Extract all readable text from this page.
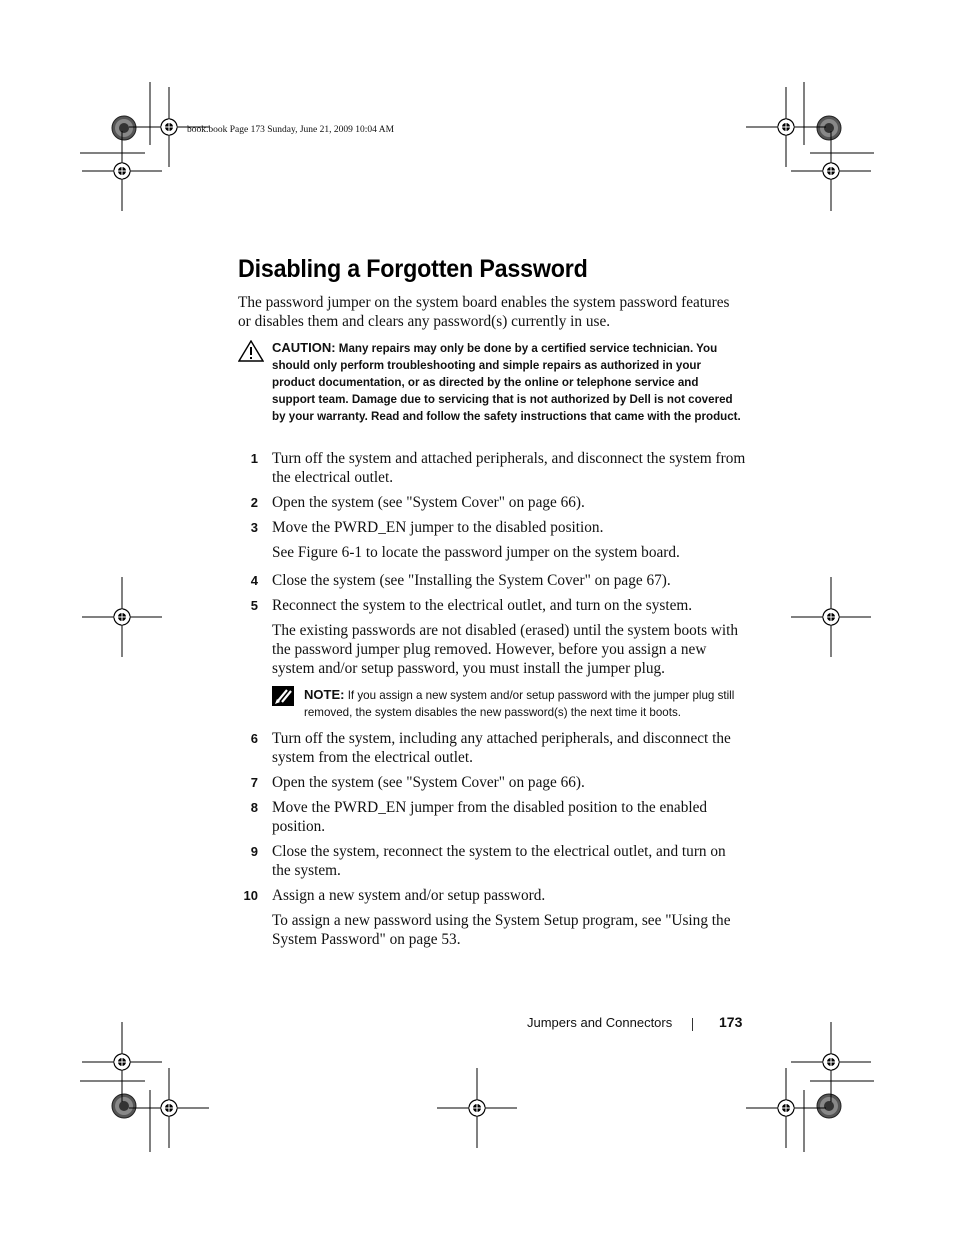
book.book Page 173 Sunday, June 21, 2009 10:04 AM
Disabling a Forgotten Password

The password jumper on the system board enables the system password features or disables them and clears any password(s) currently in use.

CAUTION: Many repairs may only be done by a certified service technician. You should only perform troubleshooting and simple repairs as authorized in your product documentation, or as directed by the online or telephone service and support team. Damage due to servicing that is not authorized by Dell is not covered by your warranty. Read and follow the safety instructions that came with the product.
1 Turn off the system and attached peripherals, and disconnect the system from the electrical outlet.
2 Open the system (see "System Cover" on page 66).
3 Move the PWRD_EN jumper to the disabled position.
See Figure 6-1 to locate the password jumper on the system board.
4 Close the system (see "Installing the System Cover" on page 67).
5 Reconnect the system to the electrical outlet, and turn on the system.
The existing passwords are not disabled (erased) until the system boots with the password jumper plug removed. However, before you assign a new system and/or setup password, you must install the jumper plug.
NOTE: If you assign a new system and/or setup password with the jumper plug still removed, the system disables the new password(s) the next time it boots.
6 Turn off the system, including any attached peripherals, and disconnect the system from the electrical outlet.
7 Open the system (see "System Cover" on page 66).
8 Move the PWRD_EN jumper from the disabled position to the enabled position.
9 Close the system, reconnect the system to the electrical outlet, and turn on the system.
10 Assign a new system and/or setup password.
To assign a new password using the System Setup program, see "Using the System Password" on page 53.
Jumpers and Connectors	173
